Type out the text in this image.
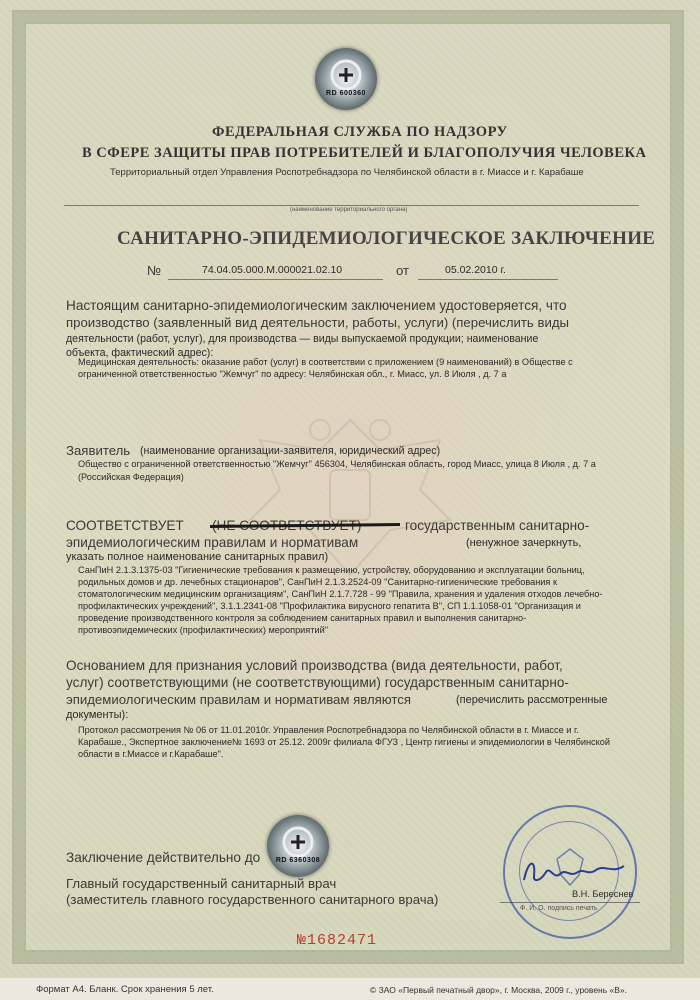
RD 600360
ФЕДЕРАЛЬНАЯ СЛУЖБА ПО НАДЗОРУ
В СФЕРЕ ЗАЩИТЫ ПРАВ ПОТРЕБИТЕЛЕЙ И БЛАГОПОЛУЧИЯ ЧЕЛОВЕКА
Территориальный отдел Управления Роспотребнадзора по Челябинской области в г. Миассе и г. Карабаше
(наименование территориального органа)
САНИТАРНО-ЭПИДЕМИОЛОГИЧЕСКОЕ ЗАКЛЮЧЕНИЕ
№	74.04.05.000.М.000021.02.10	от	05.02.2010 г.
Настоящим санитарно-эпидемиологическим заключением удостоверяется, что
производство (заявленный вид деятельности, работы, услуги) (перечислить виды
деятельности (работ, услуг), для производства — виды выпускаемой продукции; наименование
объекта, фактический адрес):
Медицинская деятельность: оказание работ (услуг) в соответствии с приложением (9 наименований) в Обществе с
ограниченной ответственностью "Жемчуг" по адресу: Челябинская обл., г. Миасс, ул. 8 Июля , д. 7 а
Заявитель (наименование организации-заявителя, юридический адрес)
Общество с ограниченной ответственностью "Жемчуг" 456304, Челябинская область, город Миасс, улица 8 Июля , д. 7 а
(Российская Федерация)
СООТВЕТСТВУЕТ	государственным санитарно-
эпидемиологическим правилам и нормативам	(ненужное зачеркнуть,
указать полное наименование санитарных правил)
СанПиН 2.1.3.1375-03 "Гигиенические требования к размещению, устройству, оборудованию и эксплуатации больниц,
родильных домов и др. лечебных стационаров", СанПиН 2.1.3.2524-09 "Санитарно-гигиенические требования к
стоматологическим медицинским организациям", СанПиН 2.1.7.728 - 99 "Правила, хранения и удаления отходов лечебно-
профилактических учреждений", 3.1.1.2341-08 "Профилактика вирусного гепатита В", СП 1.1.1058-01 "Организация и
проведение производственного контроля за соблюдением санитарных правил и выполнения санитарно-
противоэпидемических (профилактических) мероприятий"
Основанием для признания условий производства (вида деятельности, работ,
услуг) соответствующими (не соответствующими) государственным санитарно-
эпидемиологическим правилам и нормативам являются	(перечислить рассмотренные
документы):
Протокол рассмотрения № 06 от 11.01.2010г. Управления Роспотребнадзора по Челябинской области в г. Миассе и г.
Карабаше., Экспертное заключение№ 1693 от 25.12. 2009г филиала ФГУЗ , Центр гигиены и эпидемиологии в Челябинской
области в г.Миассе и г.Карабаше".
RD 6360308
Заключение действительно до
Главный государственный санитарный врач
(заместитель главного государственного санитарного врача)	В.Н. Береснев
Ф. И. О. подпись печать
№1682471
Формат А4. Бланк. Срок хранения 5 лет.	© ЗАО «Первый печатный двор», г. Москва, 2009 г., уровень «В».
